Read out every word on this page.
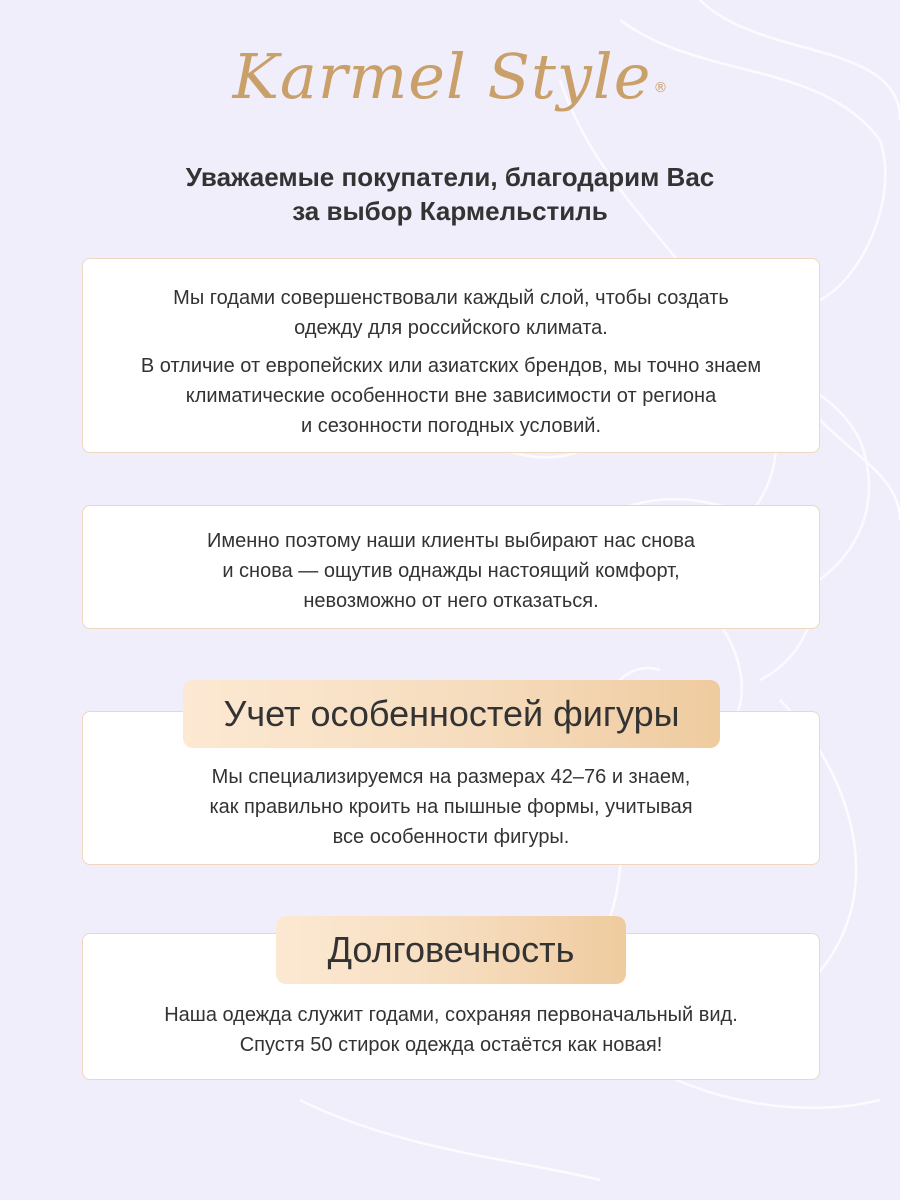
Karmel Style ®
Уважаемые покупатели, благодарим Вас
за выбор Кармельстиль

Мы годами совершенствовали каждый слой, чтобы создать
одежду для российского климата.

В отличие от европейских или азиатских брендов, мы точно знаем
климатические особенности вне зависимости от региона
и сезонности погодных условий.

Именно поэтому наши клиенты выбирают нас снова
и снова — ощутив однажды настоящий комфорт,
невозможно от него отказаться.
Мы специализируемся на размерах 42–76 и знаем,
как правильно кроить на пышные формы, учитывая
все особенности фигуры.
Учет особенностей фигуры
Наша одежда служит годами, сохраняя первоначальный вид.
Спустя 50 стирок одежда остаётся как новая!
Долговечность
